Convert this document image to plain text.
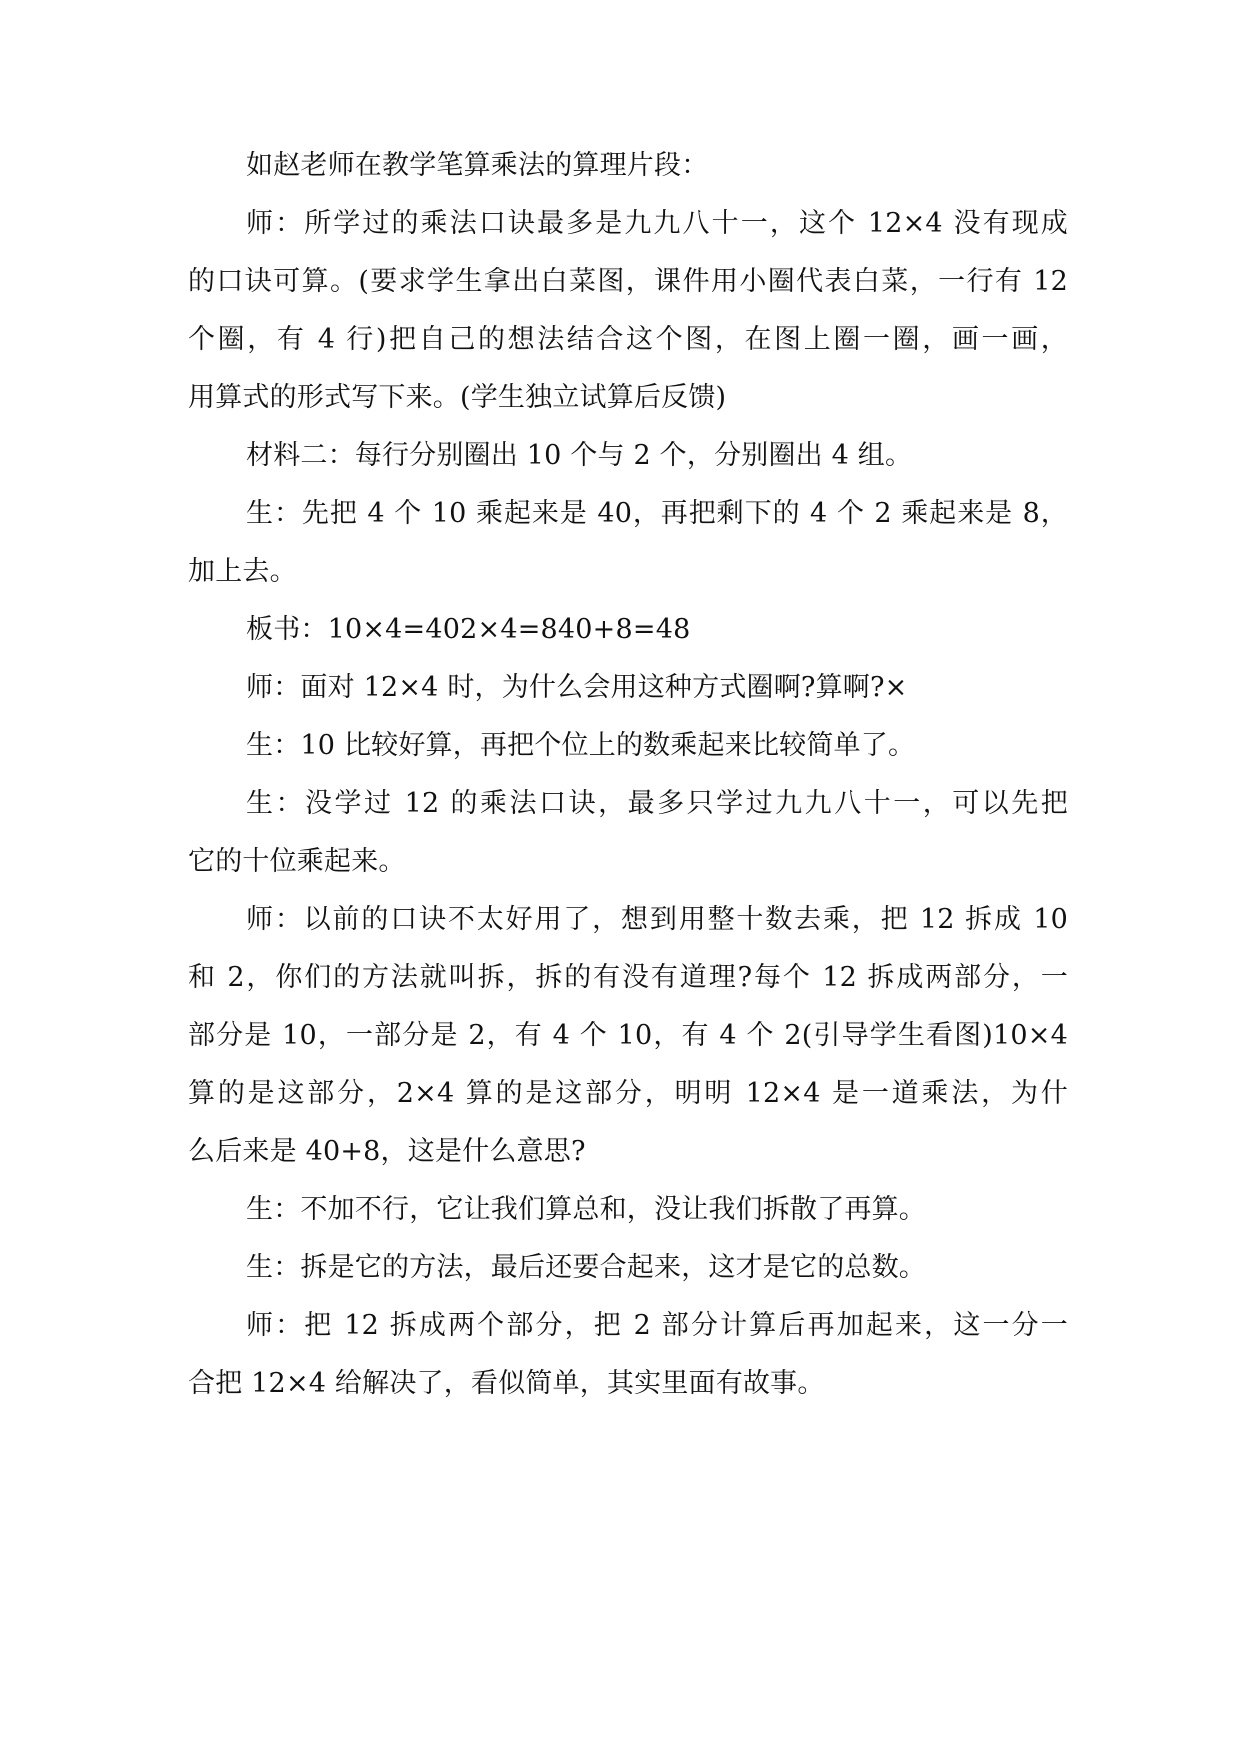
如赵老师在教学笔算乘法的算理片段：
师：所学过的乘法口诀最多是九九八十一，这个 12×4 没有现成
的口诀可算。(要求学生拿出白菜图，课件用小圈代表白菜，一行有 12
个圈，有 4 行)把自己的想法结合这个图，在图上圈一圈，画一画，
用算式的形式写下来。(学生独立试算后反馈)
材料二：每行分别圈出 10 个与 2 个，分别圈出 4 组。
生：先把 4 个 10 乘起来是 40，再把剩下的 4 个 2 乘起来是 8，
加上去。
板书：10×4=402×4=840+8=48
师：面对 12×4 时，为什么会用这种方式圈啊?算啊?×
生：10 比较好算，再把个位上的数乘起来比较简单了。
生：没学过 12 的乘法口诀，最多只学过九九八十一，可以先把
它的十位乘起来。
师：以前的口诀不太好用了，想到用整十数去乘，把 12 拆成 10
和 2，你们的方法就叫拆，拆的有没有道理?每个 12 拆成两部分，一
部分是 10，一部分是 2，有 4 个 10，有 4 个 2(引导学生看图)10×4
算的是这部分，2×4 算的是这部分，明明 12×4 是一道乘法，为什
么后来是 40+8，这是什么意思?
生：不加不行，它让我们算总和，没让我们拆散了再算。
生：拆是它的方法，最后还要合起来，这才是它的总数。
师：把 12 拆成两个部分，把 2 部分计算后再加起来，这一分一
合把 12×4 给解决了，看似简单，其实里面有故事。
